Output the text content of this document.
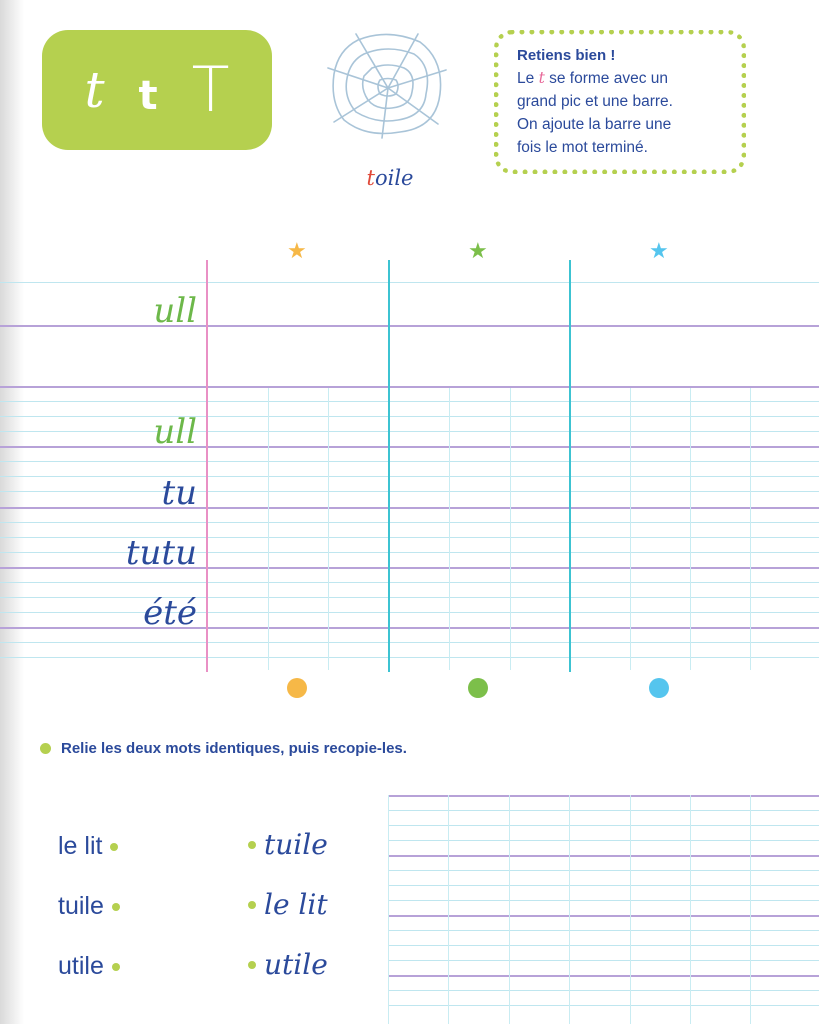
t t T
toile
Retiens bien !
Le t se forme avec un
grand pic et une barre.
On ajoute la barre une
fois le mot terminé.
★	★	★
ull
ull
tu
tutu
été
Relie les deux mots identiques, puis recopie-les.
le lit
tuile
utile
tuile
le lit
utile
